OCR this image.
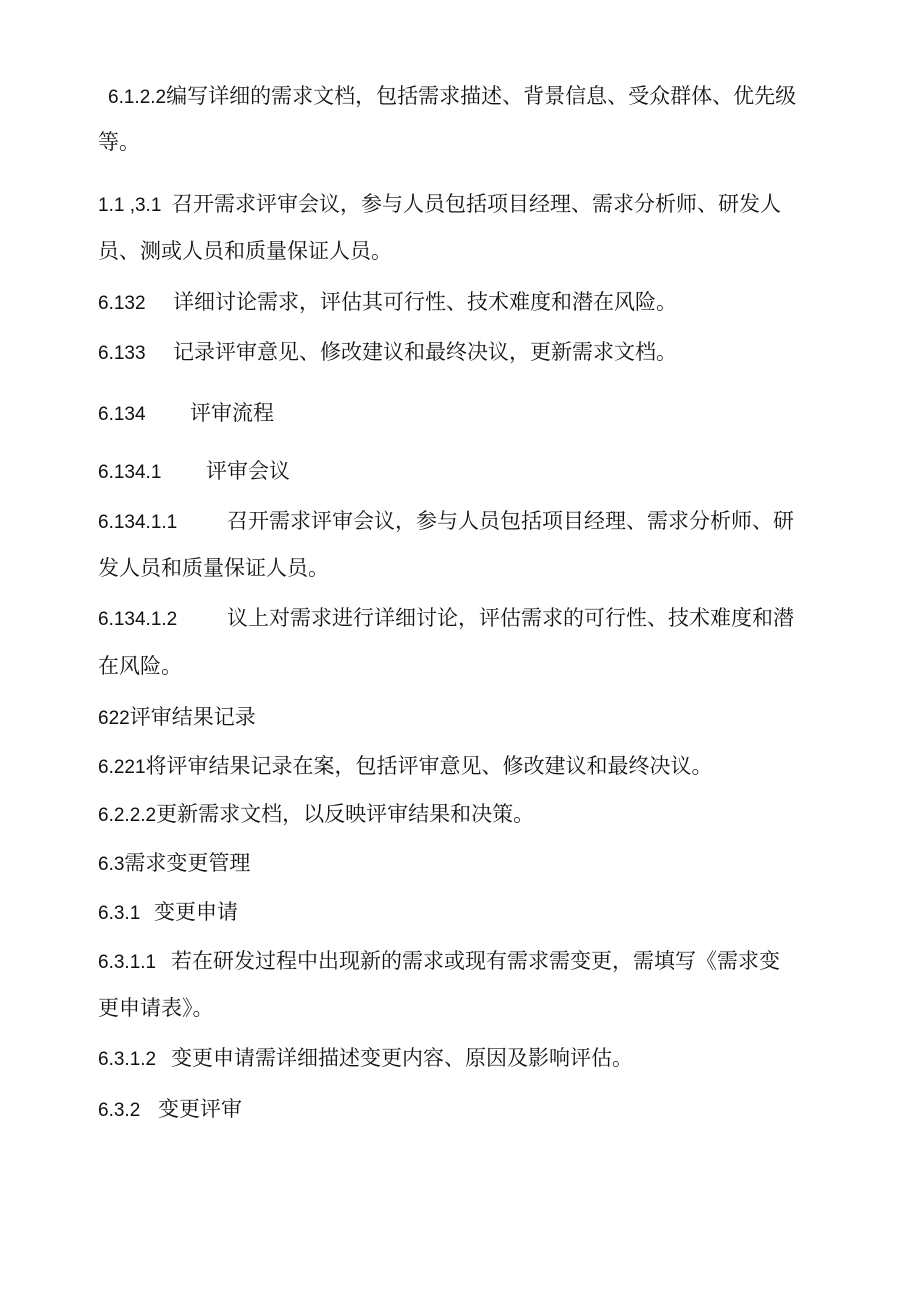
6.1.2.2编写详细的需求文档，包括需求描述、背景信息、受众群体、优先级
等。
1.1 ,3.1 召开需求评审会议，参与人员包括项目经理、需求分析师、研发人
员、测或人员和质量保证人员。
6.132 详细讨论需求，评估其可行性、技术难度和潜在风险。
6.133 记录评审意见、修改建议和最终决议，更新需求文档。
6.134 评审流程
6.134.1 评审会议
6.134.1.1 召开需求评审会议，参与人员包括项目经理、需求分析师、研
发人员和质量保证人员。
6.134.1.2 议上对需求进行详细讨论，评估需求的可行性、技术难度和潜
在风险。
622评审结果记录
6.221将评审结果记录在案，包括评审意见、修改建议和最终决议。
6.2.2.2更新需求文档，以反映评审结果和决策。
6.3需求变更管理
6.3.1 变更申请
6.3.1.1 若在研发过程中出现新的需求或现有需求需变更，需填写《需求变
更申请表》。
6.3.1.2 变更申请需详细描述变更内容、原因及影响评估。
6.3.2 变更评审
